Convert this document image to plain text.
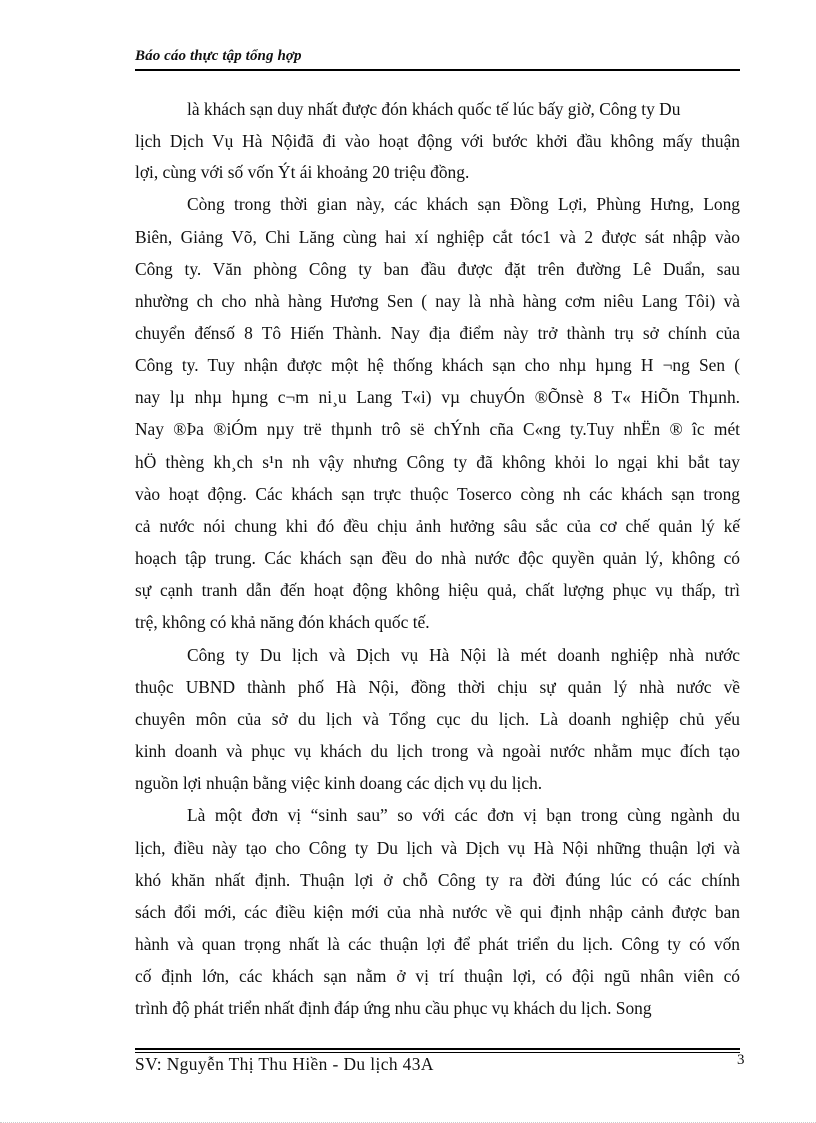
Báo cáo thực tập tổng hợp
là khách sạn duy nhất được đón khách quốc tế lúc bấy giờ, Công ty Du
lịch Dịch Vụ Hà Nộiđã đi vào hoạt động với bước khởi đầu không mấy thuận
lợi, cùng với số vốn Ýt ái khoảng 20 triệu đồng.
Còng trong thời gian này, các khách sạn Đồng Lợi, Phùng Hưng, Long
Biên, Giảng Võ, Chi Lăng cùng hai xí nghiệp cắt tóc1 và 2 được sát nhập vào
Công ty. Văn phòng Công ty ban đầu được đặt trên đường Lê Duẩn, sau
nhường ch cho nhà hàng Hương Sen ( nay là nhà hàng cơm niêu Lang Tôi) và
chuyển đếnsố 8 Tô Hiến Thành. Nay địa điểm này trở thành trụ sở chính của
Công ty. Tuy nhận được một hệ thống khách sạn cho nhµ hµng H ¬ng Sen (
nay lµ nhµ hµng c¬m ni¸u Lang T«i) vµ chuyÓn ®Õnsè 8 T« HiÕn Thµnh.
Nay ®Þa ®iÓm nµy trë thµnh trô së chÝnh cña C«ng ty.Tuy nhËn ® îc mét
hÖ thèng kh¸ch s¹n nh vậy nhưng Công ty đã không khỏi lo ngại khi bắt tay
vào hoạt động. Các khách sạn trực thuộc Toserco còng nh các khách sạn trong
cả nước nói chung khi đó đều chịu ảnh hưởng sâu sắc của cơ chế quản lý kế
hoạch tập trung. Các khách sạn đều do nhà nước độc quyền quản lý, không có
sự cạnh tranh dẫn đến hoạt động không hiệu quả, chất lượng phục vụ thấp, trì
trệ, không có khả năng đón khách quốc tế.
Công ty Du lịch và Dịch vụ Hà Nội là mét doanh nghiệp nhà nước
thuộc UBND thành phố Hà Nội, đồng thời chịu sự quản lý nhà nước về
chuyên môn của sở du lịch và Tổng cục du lịch. Là doanh nghiệp chủ yếu
kinh doanh và phục vụ khách du lịch trong và ngoài nước nhằm mục đích tạo
nguồn lợi nhuận bằng việc kinh doang các dịch vụ du lịch.
Là một đơn vị “sinh sau” so với các đơn vị bạn trong cùng ngành du
lịch, điều này tạo cho Công ty Du lịch và Dịch vụ Hà Nội những thuận lợi và
khó khăn nhất định. Thuận lợi ở chỗ Công ty ra đời đúng lúc có các chính
sách đổi mới, các điều kiện mới của nhà nước về qui định nhập cảnh được ban
hành và quan trọng nhất là các thuận lợi để phát triển du lịch. Công ty có vốn
cố định lớn, các khách sạn nằm ở vị trí thuận lợi, có đội ngũ nhân viên có
trình độ phát triển nhất định đáp ứng nhu cầu phục vụ khách du lịch. Song
SV: Nguyễn Thị Thu Hiền - Du lịch 43A	3
